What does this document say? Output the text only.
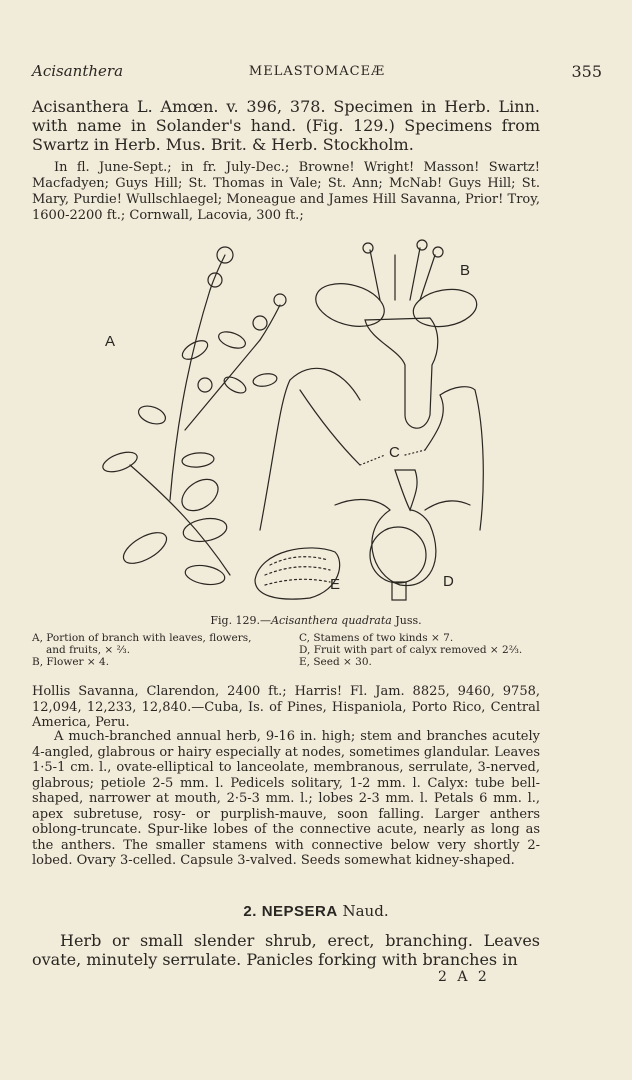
Acisanthera	MELASTOMACEÆ	355
Acisanthera L. Amœn. v. 396, 378. Specimen in Herb. Linn. with name in Solander's hand. (Fig. 129.) Specimens from Swartz in Herb. Mus. Brit. & Herb. Stockholm.
In fl. June-Sept.; in fr. July-Dec.; Browne! Wright! Masson! Swartz! Macfadyen; Guys Hill; St. Thomas in Vale; St. Ann; McNab! Guys Hill; St. Mary, Purdie! Wullschlaegel; Moneague and James Hill Savanna, Prior! Troy, 1600-2200 ft.; Cornwall, Lacovia, 300 ft.;
A
B
C
D
E
Fig. 129.—Acisanthera quadrata Juss.
A, Portion of branch with leaves, flowers,
and fruits, × ⅔.
B, Flower × 4.
C, Stamens of two kinds × 7.
D, Fruit with part of calyx removed × 2⅔.
E, Seed × 30.
Hollis Savanna, Clarendon, 2400 ft.; Harris! Fl. Jam. 8825, 9460, 9758, 12,094, 12,233, 12,840.—Cuba, Is. of Pines, Hispaniola, Porto Rico, Central America, Peru.
A much-branched annual herb, 9-16 in. high; stem and branches acutely 4-angled, glabrous or hairy especially at nodes, sometimes glandular. Leaves 1·5-1 cm. l., ovate-elliptical to lanceolate, membranous, serrulate, 3-nerved, glabrous; petiole 2-5 mm. l. Pedicels solitary, 1-2 mm. l. Calyx: tube bell-shaped, narrower at mouth, 2·5-3 mm. l.; lobes 2-3 mm. l. Petals 6 mm. l., apex subretuse, rosy- or purplish-mauve, soon falling. Larger anthers oblong-truncate. Spur-like lobes of the connective acute, nearly as long as the anthers. The smaller stamens with connective below very shortly 2-lobed. Ovary 3-celled. Capsule 3-valved. Seeds somewhat kidney-shaped.
2. NEPSERA Naud.
Herb or small slender shrub, erect, branching. Leaves ovate, minutely serrulate. Panicles forking with branches in
2 A 2
